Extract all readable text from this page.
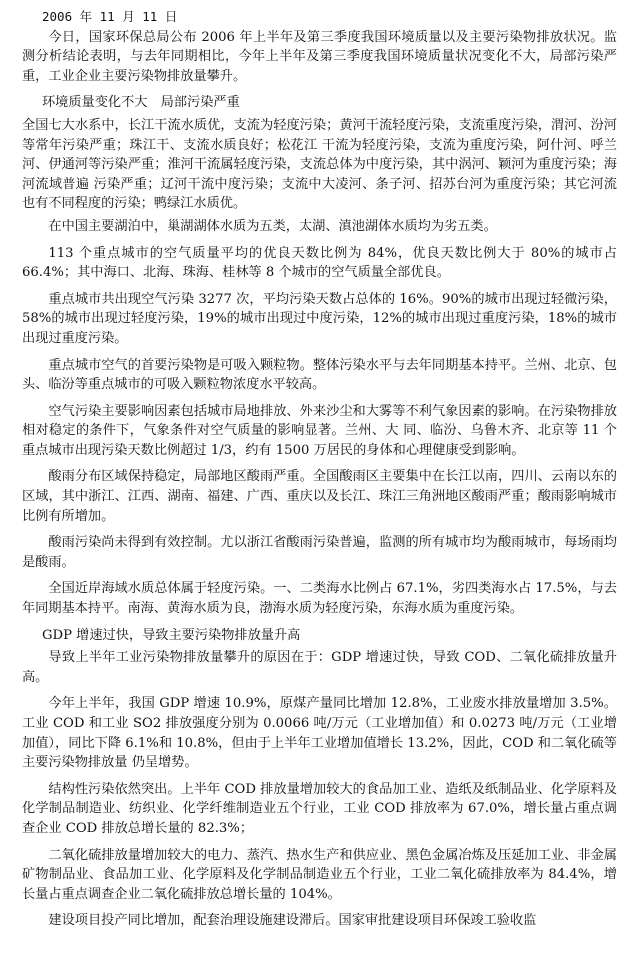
2006 年 11 月 11 日

今日，国家环保总局公布 2006 年上半年及第三季度我国环境质量以及主要污染物排放状况。监测分析结论表明，与去年同期相比，今年上半年及第三季度我国环境质量状况变化不大，局部污染严重，工业企业主要污染物排放量攀升。

环境质量变化不大　局部污染严重

全国七大水系中，长江干流水质优，支流为轻度污染；黄河干流轻度污染，支流重度污染，渭河、汾河等常年污染严重；珠江干、支流水质良好；松花江 干流为轻度污染，支流为重度污染，阿什河、呼兰河、伊通河等污染严重；淮河干流属轻度污染，支流总体为中度污染，其中涡河、颖河为重度污染；海河流域普遍 污染严重；辽河干流中度污染；支流中大凌河、条子河、招苏台河为重度污染；其它河流也有不同程度的污染；鸭绿江水质优。

在中国主要湖泊中，巢湖湖体水质为五类，太湖、滇池湖体水质均为劣五类。

113 个重点城市的空气质量平均的优良天数比例为 84%，优良天数比例大于 80%的城市占 66.4%；其中海口、北海、珠海、桂林等 8 个城市的空气质量全部优良。

重点城市共出现空气污染 3277 次，平均污染天数占总体的 16%。90%的城市出现过轻微污染，58%的城市出现过轻度污染，19%的城市出现过中度污染，12%的城市出现过重度污染，18%的城市出现过重度污染。

重点城市空气的首要污染物是可吸入颗粒物。整体污染水平与去年同期基本持平。兰州、北京、包头、临汾等重点城市的可吸入颗粒物浓度水平较高。

空气污染主要影响因素包括城市局地排放、外来沙尘和大雾等不利气象因素的影响。在污染物排放相对稳定的条件下，气象条件对空气质量的影响显著。兰州、大 同、临汾、乌鲁木齐、北京等 11 个重点城市出现污染天数比例超过 1/3，约有 1500 万居民的身体和心理健康受到影响。

酸雨分布区域保持稳定，局部地区酸雨严重。全国酸雨区主要集中在长江以南，四川、云南以东的区域，其中浙江、江西、湖南、福建、广西、重庆以及长江、珠江三角洲地区酸雨严重；酸雨影响城市比例有所增加。

酸雨污染尚未得到有效控制。尤以浙江省酸雨污染普遍，监测的所有城市均为酸雨城市，每场雨均是酸雨。

全国近岸海域水质总体属于轻度污染。一、二类海水比例占 67.1%，劣四类海水占 17.5%，与去年同期基本持平。南海、黄海水质为良，渤海水质为轻度污染，东海水质为重度污染。

GDP 增速过快，导致主要污染物排放量升高

导致上半年工业污染物排放量攀升的原因在于：GDP 增速过快，导致 COD、二氧化硫排放量升高。

今年上半年，我国 GDP 增速 10.9%，原煤产量同比增加 12.8%，工业废水排放量增加 3.5%。工业 COD 和工业 SO2 排放强度分别为 0.0066 吨/万元（工业增加值）和 0.0273 吨/万元（工业增加值），同比下降 6.1%和 10.8%，但由于上半年工业增加值增长 13.2%，因此，COD 和二氧化硫等主要污染物排放量 仍呈增势。

结构性污染依然突出。上半年 COD 排放量增加较大的食品加工业、造纸及纸制品业、化学原料及化学制品制造业、纺织业、化学纤维制造业五个行业，工业 COD 排放率为 67.0%，增长量占重点调查企业 COD 排放总增长量的 82.3%；

二氧化硫排放量增加较大的电力、蒸汽、热水生产和供应业、黑色金属冶炼及压延加工业、非金属矿物制品业、食品加工业、化学原料及化学制品制造业五个行业，工业二氧化硫排放率为 84.4%，增长量占重点调查企业二氧化硫排放总增长量的 104%。

建设项目投产同比增加，配套治理设施建设滞后。国家审批建设项目环保竣工验收监
